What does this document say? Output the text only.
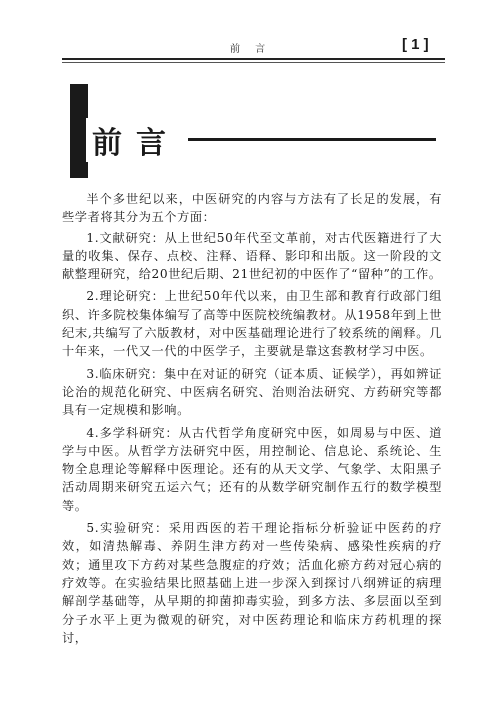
前 言	[ 1 ]
前言

半个多世纪以来，中医研究的内容与方法有了长足的发展，有些学者将其分为五个方面：

1.文献研究：从上世纪50年代至文革前，对古代医籍进行了大量的收集、保存、点校、注释、语释、影印和出版。这一阶段的文献整理研究，给20世纪后期、21世纪初的中医作了“留种”的工作。

2.理论研究：上世纪50年代以来，由卫生部和教育行政部门组织、许多院校集体编写了高等中医院校统编教材。从1958年到上世纪末,共编写了六版教材，对中医基础理论进行了较系统的阐释。几十年来，一代又一代的中医学子，主要就是靠这套教材学习中医。

3.临床研究：集中在对证的研究（证本质、证候学），再如辨证论治的规范化研究、中医病名研究、治则治法研究、方药研究等都具有一定规模和影响。

4.多学科研究：从古代哲学角度研究中医，如周易与中医、道学与中医。从哲学方法研究中医，用控制论、信息论、系统论、生物全息理论等解释中医理论。还有的从天文学、气象学、太阳黑子活动周期来研究五运六气；还有的从数学研究制作五行的数学模型等。

5.实验研究：采用西医的若干理论指标分析验证中医药的疗效，如清热解毒、养阴生津方药对一些传染病、感染性疾病的疗效；通里攻下方药对某些急腹症的疗效；活血化瘀方药对冠心病的疗效等。在实验结果比照基础上进一步深入到探讨八纲辨证的病理解剖学基础等，从早期的抑菌抑毒实验，到多方法、多层面以至到分子水平上更为微观的研究，对中医药理论和临床方药机理的探讨，
